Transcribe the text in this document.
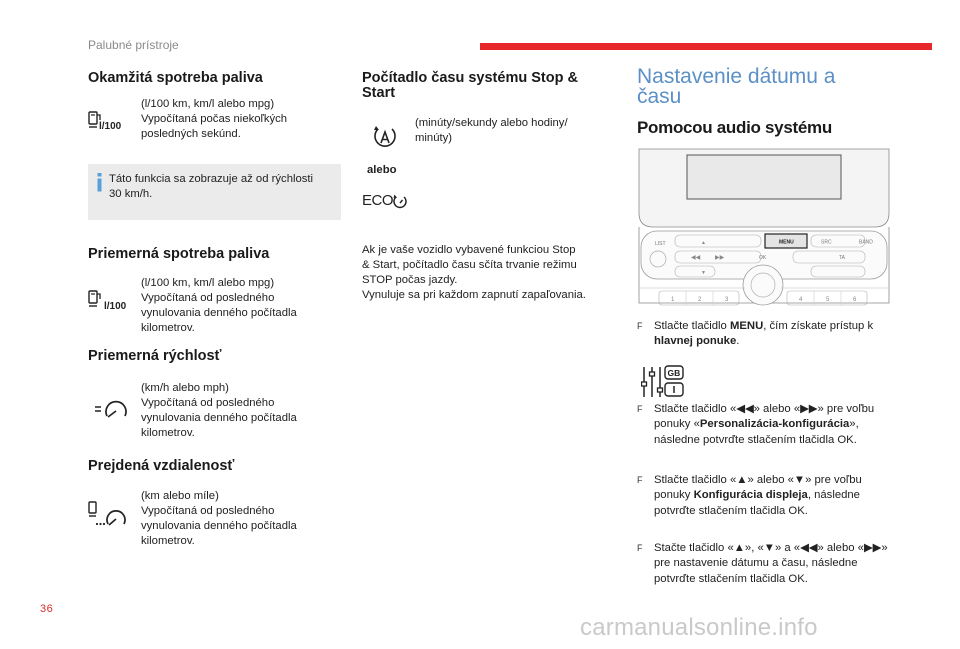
Palubné prístroje
Okamžitá spotreba paliva
l/100
(l/100 km, km/l alebo mpg)
Vypočítaná počas niekoľkých
posledných sekúnd.
Táto funkcia sa zobrazuje až od rýchlosti
30 km/h.
Priemerná spotreba paliva
l/100
(l/100 km, km/l alebo mpg)
Vypočítaná od posledného
vynulovania denného počítadla
kilometrov.
Priemerná rýchlosť
(km/h alebo mph)
Vypočítaná od posledného
vynulovania denného počítadla
kilometrov.
Prejdená vzdialenosť
(km alebo míle)
Vypočítaná od posledného
vynulovania denného počítadla
kilometrov.
Počítadlo času systému Stop &
Start
(minúty/sekundy alebo hodiny/
minúty)
alebo
ECO
Ak je vaše vozidlo vybavené funkciou Stop
& Start, počítadlo času sčíta trvanie režimu
STOP počas jazdy.
Vynuluje sa pri každom zapnutí zapaľovania.
Nastavenie dátumu a
času
Pomocou audio systému
LIST	MENU	SRC	BAND
OK	TA
◀◀ ▶▶
▲
▼
1	2	3	4	5	6
F	Stlačte tlačidlo MENU, čím získate prístup k hlavnej ponuke.
GB
F Stlačte tlačidlo «◀◀» alebo «▶▶» pre voľbu
ponuky «Personalizácia-konfigurácia»,
následne potvrďte stlačením tlačidla OK.
F Stlačte tlačidlo «▲» alebo «▼» pre voľbu
ponuky Konfigurácia displeja, následne
potvrďte stlačením tlačidla OK.
F Stačte tlačidlo «▲», «▼» a «◀◀» alebo «▶▶»
pre nastavenie dátumu a času, následne
potvrďte stlačením tlačidla OK.
36
carmanualsonline.info
